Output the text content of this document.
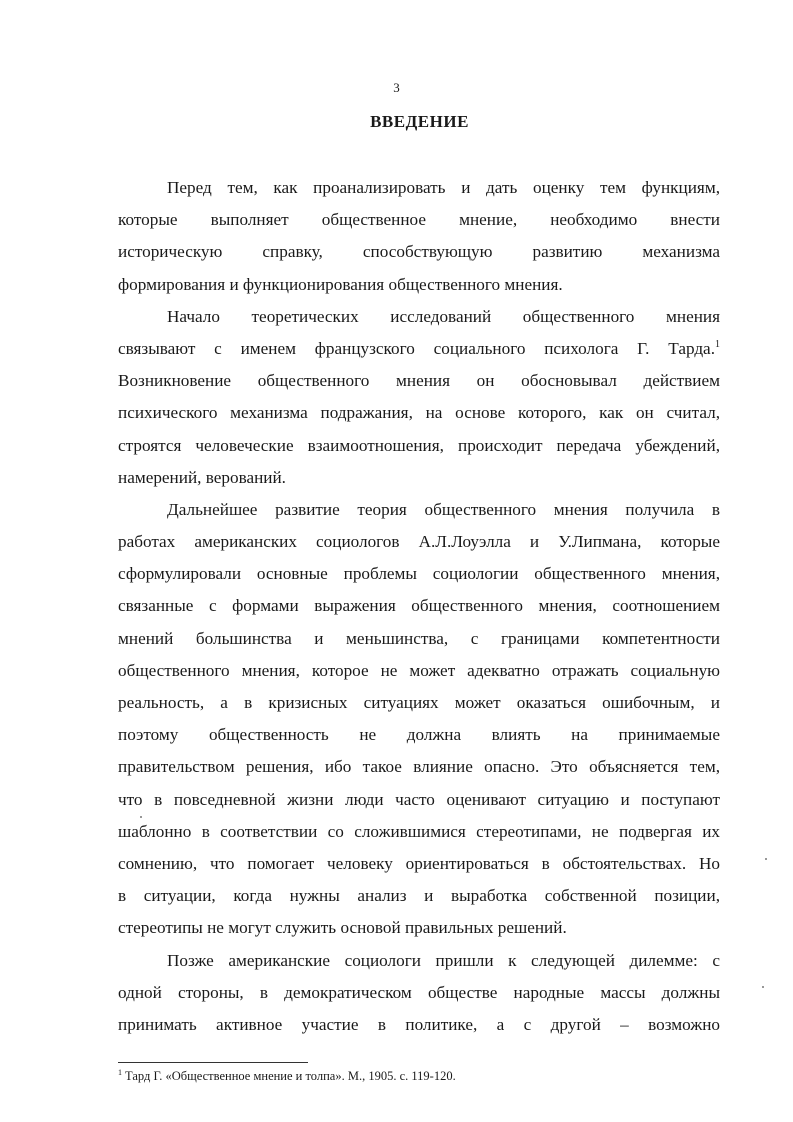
3
ВВЕДЕНИЕ
Перед тем, как проанализировать и дать оценку тем функциям,
которые выполняет общественное мнение, необходимо внести
историческую справку, способствующую развитию механизма
формирования и функционирования общественного мнения.
Начало теоретических исследований общественного мнения
связывают с именем французского социального психолога Г. Тарда.$^1$
Возникновение общественного мнения он обосновывал действием
психического механизма подражания, на основе которого, как он считал,
строятся человеческие взаимоотношения, происходит передача убеждений,
намерений, верований.
Дальнейшее развитие теория общественного мнения получила в
работах американских социологов А.Л.Лоуэлла и У.Липмана, которые
сформулировали основные проблемы социологии общественного мнения,
связанные с формами выражения общественного мнения, соотношением
мнений большинства и меньшинства, с границами компетентности
общественного мнения, которое не может адекватно отражать социальную
реальность, а в кризисных ситуациях может оказаться ошибочным, и
поэтому общественность не должна влиять на принимаемые
правительством решения, ибо такое влияние опасно. Это объясняется тем,
что в повседневной жизни люди часто оценивают ситуацию и поступают
шаблонно в соответствии со сложившимися стереотипами, не подвергая их
сомнению, что помогает человеку ориентироваться в обстоятельствах. Но
в ситуации, когда нужны анализ и выработка собственной позиции,
стереотипы не могут служить основой правильных решений.
Позже американские социологи пришли к следующей дилемме: с
одной стороны, в демократическом обществе народные массы должны
принимать активное участие в политике, а с другой – возможно
$^1$ Тард Г. «Общественное мнение и толпа». М., 1905. с. 119-120.
